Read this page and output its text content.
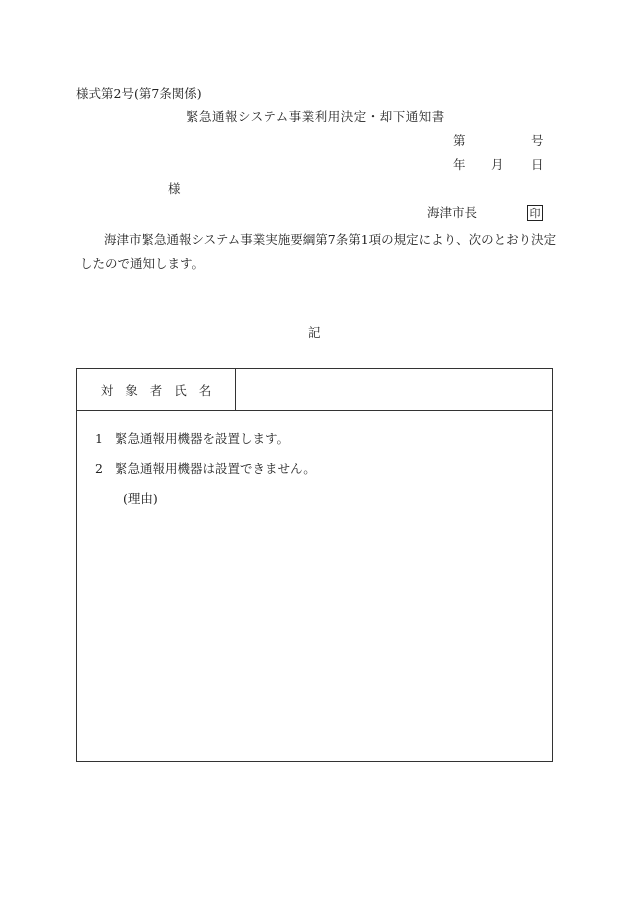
様式第2号(第7条関係)
緊急通報システム事業利用決定・却下通知書
第	号
年 月 日
様
海津市長	印
海津市緊急通報システム事業実施要綱第7条第1項の規定により、次のとおり決定したので通知します。
記
対象者氏名
1 緊急通報用機器を設置します。
2 緊急通報用機器は設置できません。
(理由)
